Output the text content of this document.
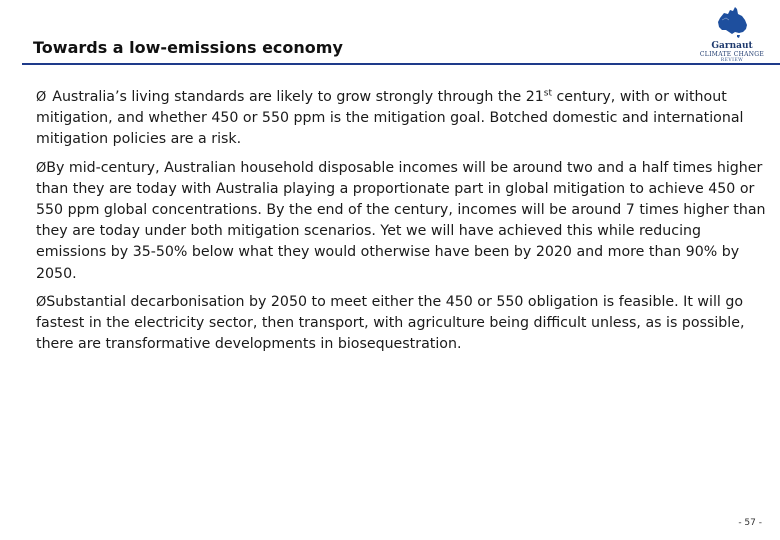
Towards a low-emissions economy	Garnaut
CLIMATE CHANGE
REVIEW

Ø Australia’s living standards are likely to grow strongly through the 21st century, with or without mitigation, and whether 450 or 550 ppm is the mitigation goal. Botched domestic and international mitigation policies are a risk.

ØBy mid-century, Australian household disposable incomes will be around two and a half times higher than they are today with Australia playing a proportionate part in global mitigation to achieve 450 or 550 ppm global concentrations. By the end of the century, incomes will be around 7 times higher than they are today under both mitigation scenarios. Yet we will have achieved this while reducing emissions by 35-50% below what they would otherwise have been by 2020 and more than 90% by 2050.

ØSubstantial decarbonisation by 2050 to meet either the 450 or 550 obligation is feasible. It will go fastest in the electricity sector, then transport, with agriculture being difficult unless, as is possible, there are transformative developments in biosequestration.

- 57 -
